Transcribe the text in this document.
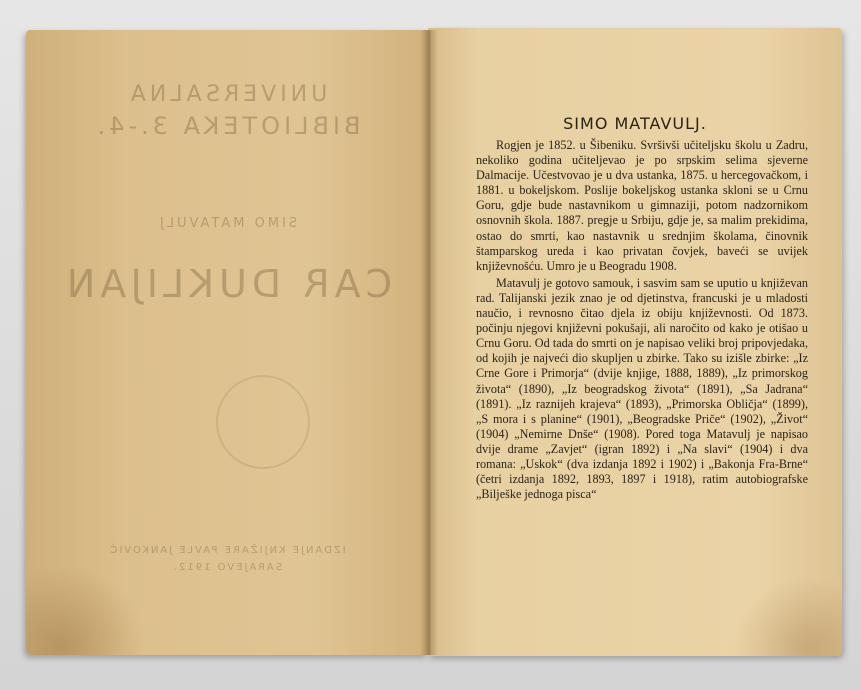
UNIVERSALNA
BIBLIOTEKA 3.-4.
SIMO MATAVULJ
CAR DUKLIJAN
IZDANJE KNJIŽARE PAVLE JANKOVIĆ
SARAJEVO 1912.
SIMO MATAVULJ.

Rogjen je 1852. u Šibeniku. Svršivši učiteljsku školu u Zadru, nekoliko godina učiteljevao je po srpskim selima sjeverne Dalmacije. Učestvovao je u dva ustanka, 1875. u hercegovačkom, i 1881. u bokeljskom. Poslije bokeljskog ustanka skloni se u Crnu Goru, gdje bude nastavnikom u gimnaziji, potom nadzornikom osnovnih škola. 1887. pregje u Srbiju, gdje je, sa malim prekidima, ostao do smrti, kao nastavnik u srednjim školama, činovnik štamparskog ureda i kao privatan čovjek, baveći se uvijek književnošću. Umro je u Beogradu 1908.

Matavulj je gotovo samouk, i sasvim sam se uputio u književan rad. Talijanski jezik znao je od djetinstva, francuski je u mladosti naučio, i revnosno čitao djela iz obiju književnosti. Od 1873. počinju njegovi književni pokušaji, ali naročito od kako je otišao u Crnu Goru. Od tada do smrti on je napisao veliki broj pripovjedaka, od kojih je najveći dio skupljen u zbirke. Tako su izišle zbirke: „Iz Crne Gore i Primorja“ (dvije knjige, 1888, 1889), „Iz primorskog života“ (1890), „Iz beogradskog života“ (1891), „Sa Jadrana“ (1891). „Iz raznijeh krajeva“ (1893), „Primorska Obličja“ (1899), „S mora i s planine“ (1901), „Beogradske Priče“ (1902), „Život“ (1904) „Nemirne Dnše“ (1908). Pored toga Matavulj je napisao dvije drame „Zavjet“ (igran 1892) i „Na slavi“ (1904) i dva romana: „Uskok“ (dva izdanja 1892 i 1902) i „Bakonja Fra-Brne“ (četri izdanja 1892, 1893, 1897 i 1918), ratim autobiografske „Bilješke jednoga pisca“
